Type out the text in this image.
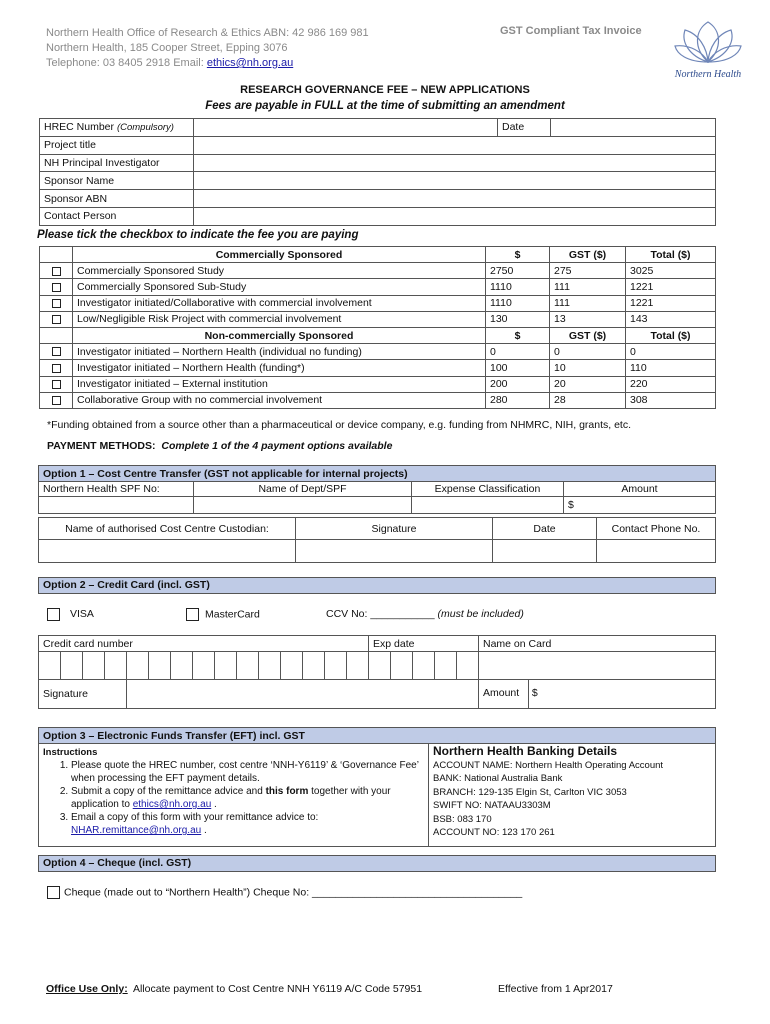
Northern Health Office of Research & Ethics ABN: 42 986 169 981
Northern Health, 185 Cooper Street, Epping 3076
Telephone: 03 8405 2918 Email: ethics@nh.org.au
GST Compliant Tax Invoice
Northern Health
RESEARCH GOVERNANCE FEE – NEW APPLICATIONS
Fees are payable in FULL at the time of submitting an amendment
HREC Number (Compulsory)		Date	
Project title			
NH Principal Investigator			
Sponsor Name			
Sponsor ABN			
Contact Person			
Please tick the checkbox to indicate the fee you are paying
	Commercially Sponsored	$	GST ($)	Total ($)
	Commercially Sponsored Study	2750	275	3025
	Commercially Sponsored Sub-Study	1110	111	1221
	Investigator initiated/Collaborative with commercial involvement	1110	111	1221
	Low/Negligible Risk Project with commercial involvement	130	13	143
	Non-commercially Sponsored	$	GST ($)	Total ($)
	Investigator initiated – Northern Health (individual no funding)	0	0	0
	Investigator initiated – Northern Health (funding*)	100	10	110
	Investigator initiated – External institution	200	20	220
	Collaborative Group with no commercial involvement	280	28	308
*Funding obtained from a source other than a pharmaceutical or device company, e.g. funding from NHMRC, NIH, grants, etc.
PAYMENT METHODS: Complete 1 of the 4 payment options available
Option 1 – Cost Centre Transfer (GST not applicable for internal projects)			
Northern Health SPF No:	Name of Dept/SPF	Expense Classification	Amount
			$
Name of authorised Cost Centre Custodian:	Signature	Date	Contact Phone No.

Option 2 – Credit Card (incl. GST)
VISA	MasterCard	CCV No: ___________ (must be included)
Credit card number															Exp date					Name on Card

Signature																				Amount $
Option 3 – Electronic Funds Transfer (EFT) incl. GST

Instructions
1. Please quote the HREC number, cost centre ‘NNH-Y6119’ & ‘Governance Fee’ when processing the EFT payment details.
2. Submit a copy of the remittance advice and this form together with your application to ethics@nh.org.au .
3. Email a copy of this form with your remittance advice to: NHAR.remittance@nh.org.au .

Northern Health Banking Details
ACCOUNT NAME: Northern Health Operating Account
BANK: National Australia Bank
BRANCH: 129-135 Elgin St, Carlton VIC 3053
SWIFT NO: NATAAU3303M
BSB: 083 170
ACCOUNT NO: 123 170 261
Option 4 – Cheque (incl. GST)
Cheque (made out to “Northern Health”) Cheque No: ____________________________________
Office Use Only: Allocate payment to Cost Centre NNH Y6119 A/C Code 57951	Effective from 1 Apr2017
